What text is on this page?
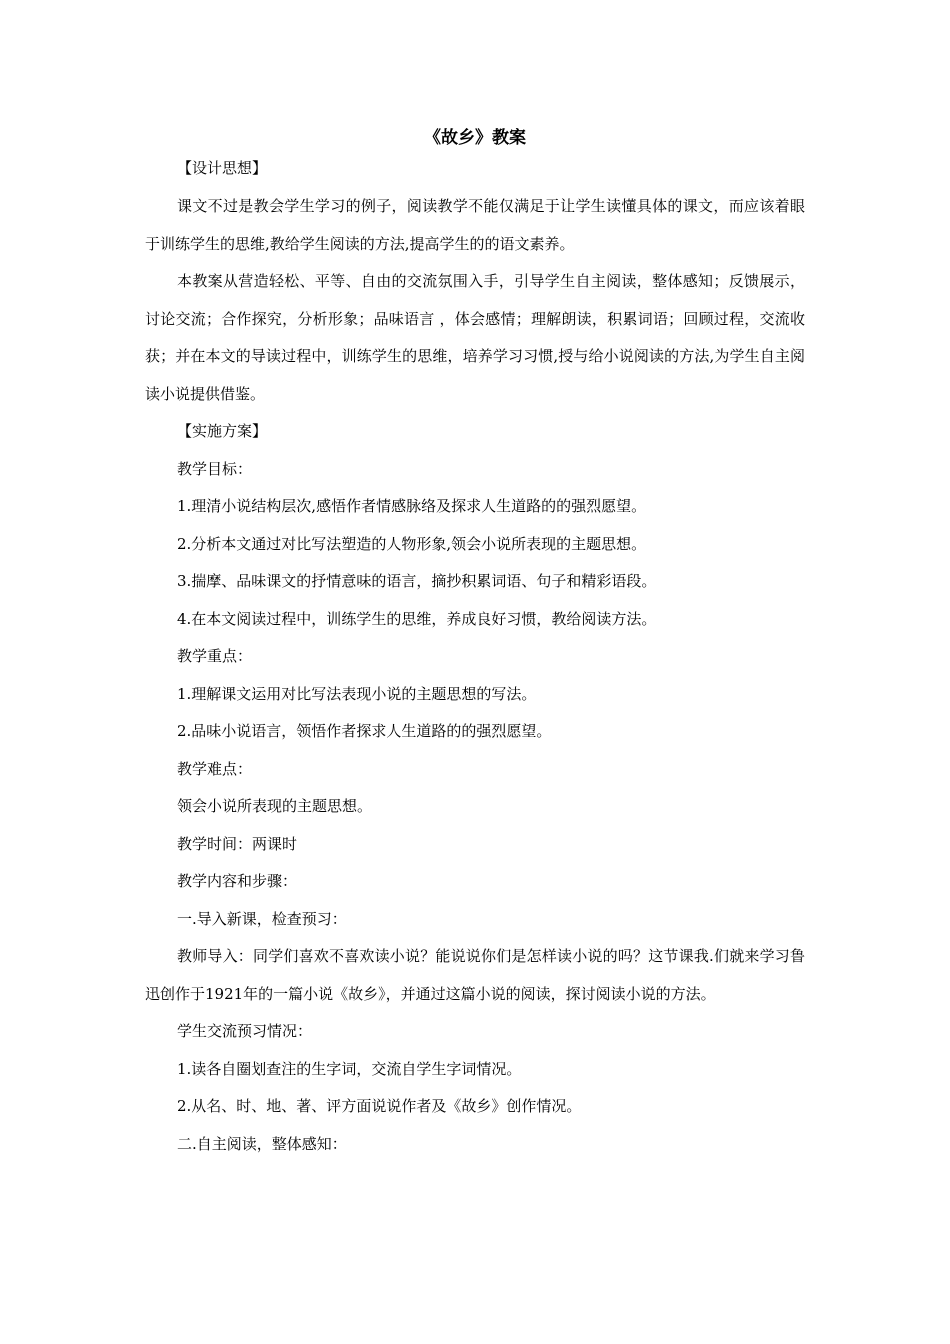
《故乡》教案
【设计思想】

课文不过是教会学生学习的例子，阅读教学不能仅满足于让学生读懂具体的课文，而应该着眼于训练学生的思维,教给学生阅读的方法,提高学生的的语文素养。

本教案从营造轻松、平等、自由的交流氛围入手，引导学生自主阅读，整体感知；反馈展示，讨论交流；合作探究，分析形象；品味语言 ，体会感情；理解朗读，积累词语；回顾过程，交流收获；并在本文的导读过程中，训练学生的思维，培养学习习惯,授与给小说阅读的方法,为学生自主阅读小说提供借鉴。

【实施方案】

教学目标：

1.理清小说结构层次,感悟作者情感脉络及探求人生道路的的强烈愿望。

2.分析本文通过对比写法塑造的人物形象,领会小说所表现的主题思想。

3.揣摩、品味课文的抒情意味的语言，摘抄积累词语、句子和精彩语段。

4.在本文阅读过程中，训练学生的思维，养成良好习惯，教给阅读方法。

教学重点：

1.理解课文运用对比写法表现小说的主题思想的写法。

2.品味小说语言，领悟作者探求人生道路的的强烈愿望。

教学难点：

领会小说所表现的主题思想。

教学时间：两课时

教学内容和步骤：

一.导入新课，检查预习：

教师导入：同学们喜欢不喜欢读小说？能说说你们是怎样读小说的吗？这节课我.们就来学习鲁迅创作于1921年的一篇小说《故乡》，并通过这篇小说的阅读，探讨阅读小说的方法。

学生交流预习情况：

1.读各自圈划查注的生字词，交流自学生字词情况。

2.从名、时、地、著、评方面说说作者及《故乡》创作情况。

二.自主阅读，整体感知：
